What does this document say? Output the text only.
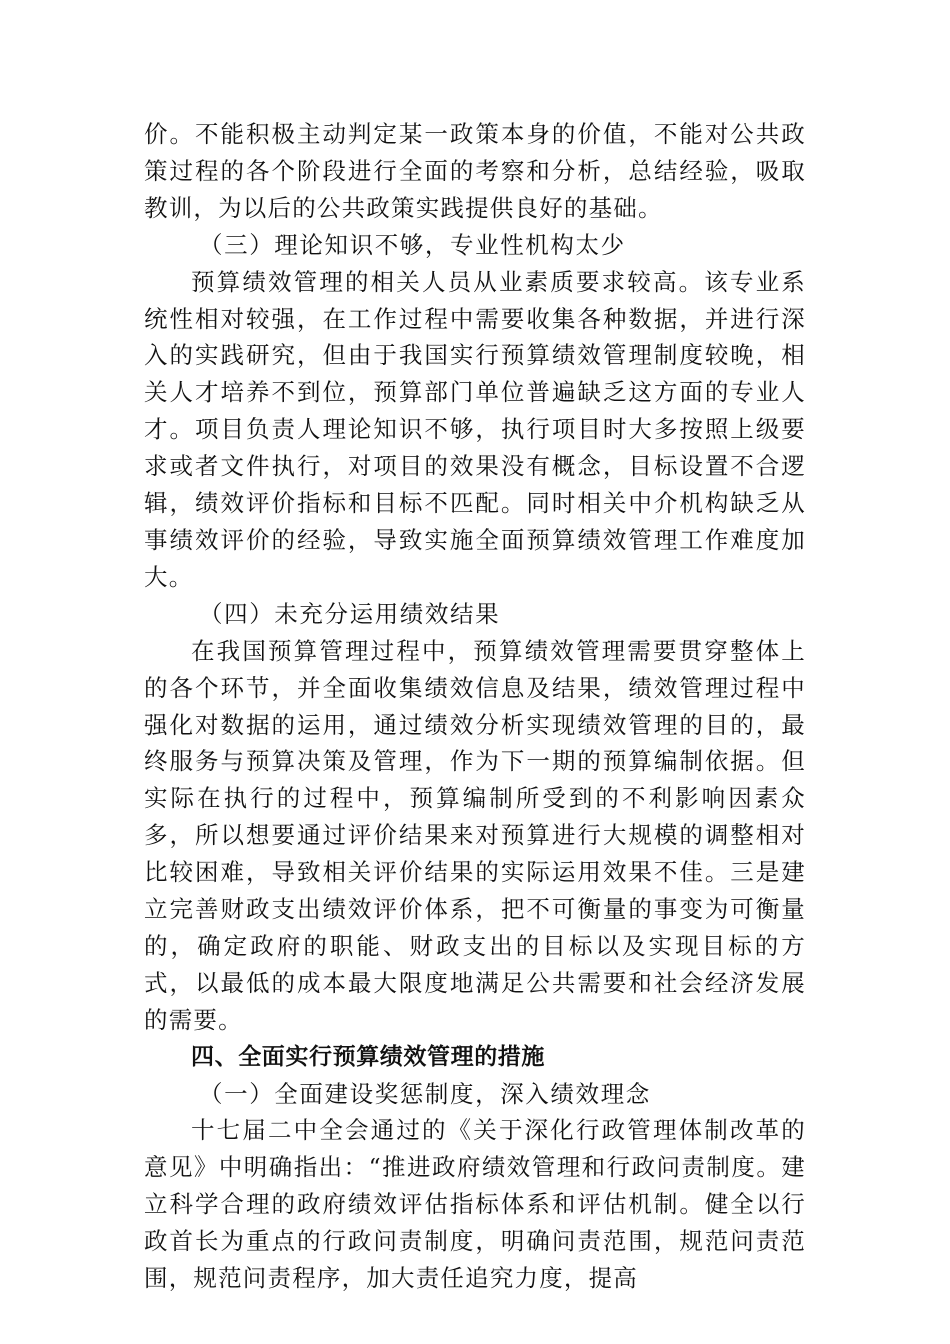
价。不能积极主动判定某一政策本身的价值，不能对公共政策过程的各个阶段进行全面的考察和分析，总结经验，吸取教训，为以后的公共政策实践提供良好的基础。

（三）理论知识不够，专业性机构太少

预算绩效管理的相关人员从业素质要求较高。该专业系统性相对较强，在工作过程中需要收集各种数据，并进行深入的实践研究，但由于我国实行预算绩效管理制度较晚，相关人才培养不到位，预算部门单位普遍缺乏这方面的专业人才。项目负责人理论知识不够，执行项目时大多按照上级要求或者文件执行，对项目的效果没有概念，目标设置不合逻辑，绩效评价指标和目标不匹配。同时相关中介机构缺乏从事绩效评价的经验，导致实施全面预算绩效管理工作难度加大。

（四）未充分运用绩效结果

在我国预算管理过程中，预算绩效管理需要贯穿整体上的各个环节，并全面收集绩效信息及结果，绩效管理过程中强化对数据的运用，通过绩效分析实现绩效管理的目的，最终服务与预算决策及管理，作为下一期的预算编制依据。但实际在执行的过程中，预算编制所受到的不利影响因素众多，所以想要通过评价结果来对预算进行大规模的调整相对比较困难，导致相关评价结果的实际运用效果不佳。三是建立完善财政支出绩效评价体系，把不可衡量的事变为可衡量的，确定政府的职能、财政支出的目标以及实现目标的方式，以最低的成本最大限度地满足公共需要和社会经济发展的需要。

四、全面实行预算绩效管理的措施

（一）全面建设奖惩制度，深入绩效理念

十七届二中全会通过的《关于深化行政管理体制改革的意见》中明确指出：“推进政府绩效管理和行政问责制度。建立科学合理的政府绩效评估指标体系和评估机制。健全以行政首长为重点的行政问责制度，明确问责范围，规范问责范围，规范问责程序，加大责任追究力度，提高
